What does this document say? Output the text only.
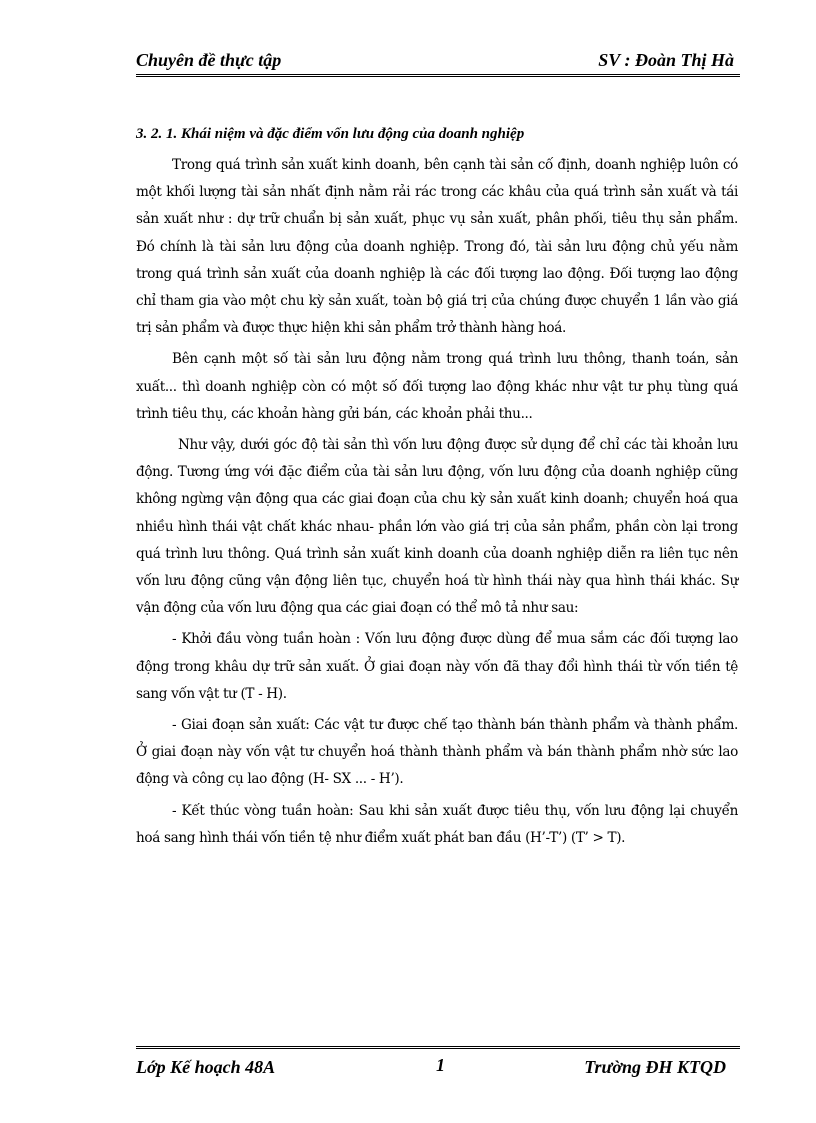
Chuyên đề thực tập	SV : Đoàn Thị Hà
3. 2. 1. Khái niệm và đặc điểm vốn lưu động của doanh nghiệp

Trong quá trình sản xuất kinh doanh, bên cạnh tài sản cố định, doanh nghiệp luôn có một khối lượng tài sản nhất định nằm rải rác trong các khâu của quá trình sản xuất và tái sản xuất như : dự trữ chuẩn bị sản xuất, phục vụ sản xuất, phân phối, tiêu thụ sản phẩm. Đó chính là tài sản lưu động của doanh nghiệp. Trong đó, tài sản lưu động chủ yếu nằm trong quá trình sản xuất của doanh nghiệp là các đối tượng lao động. Đối tượng lao động chỉ tham gia vào một chu kỳ sản xuất, toàn bộ giá trị của chúng được chuyển 1 lần vào giá trị sản phẩm và được thực hiện khi sản phẩm trở thành hàng hoá.

Bên cạnh một số tài sản lưu động nằm trong quá trình lưu thông, thanh toán, sản xuất... thì doanh nghiệp còn có một số đối tượng lao động khác như vật tư phụ tùng quá trình tiêu thụ, các khoản hàng gửi bán, các khoản phải thu...

Như vậy, dưới góc độ tài sản thì vốn lưu động được sử dụng để chỉ các tài khoản lưu động. Tương ứng với đặc điểm của tài sản lưu động, vốn lưu động của doanh nghiệp cũng không ngừng vận động qua các giai đoạn của chu kỳ sản xuất kinh doanh; chuyển hoá qua nhiều hình thái vật chất khác nhau- phần lớn vào giá trị của sản phẩm, phần còn lại trong quá trình lưu thông. Quá trình sản xuất kinh doanh của doanh nghiệp diễn ra liên tục nên vốn lưu động cũng vận động liên tục, chuyển hoá từ hình thái này qua hình thái khác. Sự vận động của vốn lưu động qua các giai đoạn có thể mô tả như sau:

- Khởi đầu vòng tuần hoàn : Vốn lưu động được dùng để mua sắm các đối tượng lao động trong khâu dự trữ sản xuất. Ở giai đoạn này vốn đã thay đổi hình thái từ vốn tiền tệ sang vốn vật tư (T - H).

- Giai đoạn sản xuất: Các vật tư được chế tạo thành bán thành phẩm và thành phẩm. Ở giai đoạn này vốn vật tư chuyển hoá thành thành phẩm và bán thành phẩm nhờ sức lao động và công cụ lao động (H- SX ... - H’).

- Kết thúc vòng tuần hoàn: Sau khi sản xuất được tiêu thụ, vốn lưu động lại chuyển hoá sang hình thái vốn tiền tệ như điểm xuất phát ban đầu (H’-T’) (T’ > T).

Lớp Kế hoạch 48A	1	Trường ĐH KTQD
